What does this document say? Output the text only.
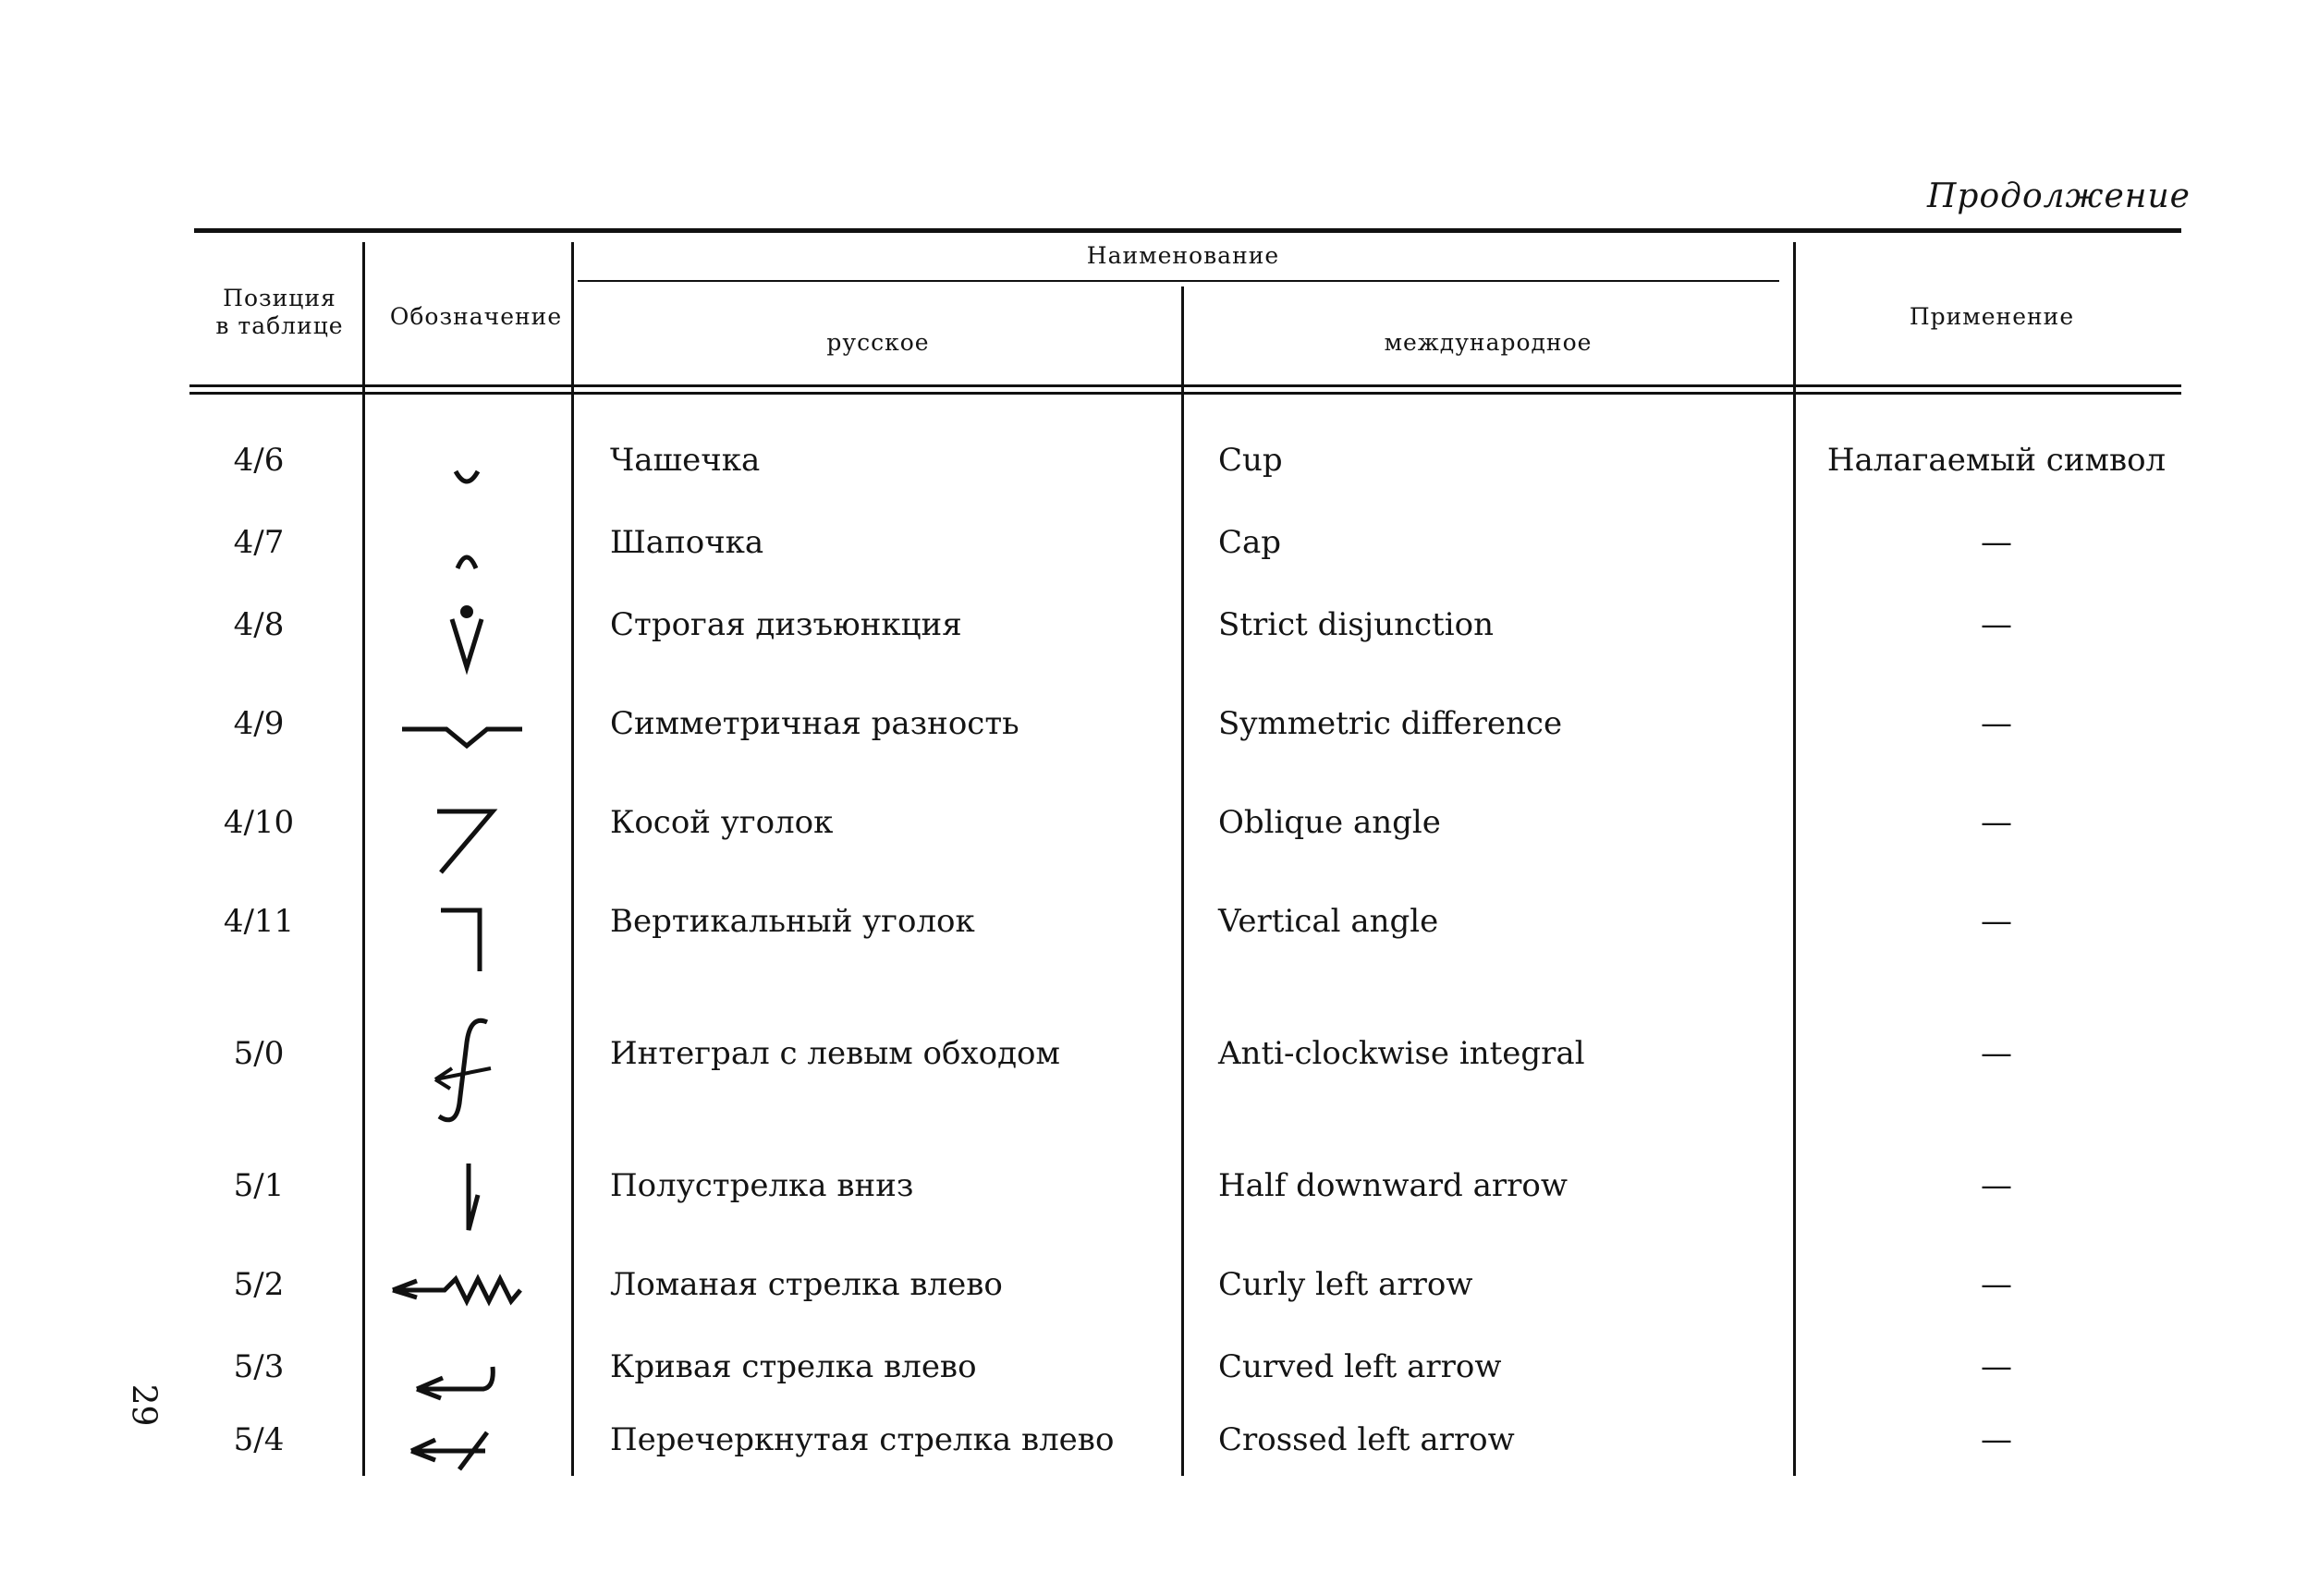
Продолжение
Позиция
в таблице	Обозначение
Наименование
русское	международное
Применение
4/6	Чашечка	Cup	Налагаемый символ
4/7	Шапочка	Cap	—
4/8	Строгая дизъюнкция	Strict disjunction	—
4/9	Симметричная разность	Symmetric difference	—
4/10	Косой уголок	Oblique angle	—
4/11	Вертикальный уголок	Vertical angle	—
5/0	Интеграл с левым обходом	Anti-clockwise integral	—
5/1	Полустрелка вниз	Half downward arrow	—
5/2	Ломаная стрелка влево	Curly left arrow	—
5/3	Кривая стрелка влево	Curved left arrow	—
5/4	Перечеркнутая стрелка влево	Crossed left arrow	—
29
